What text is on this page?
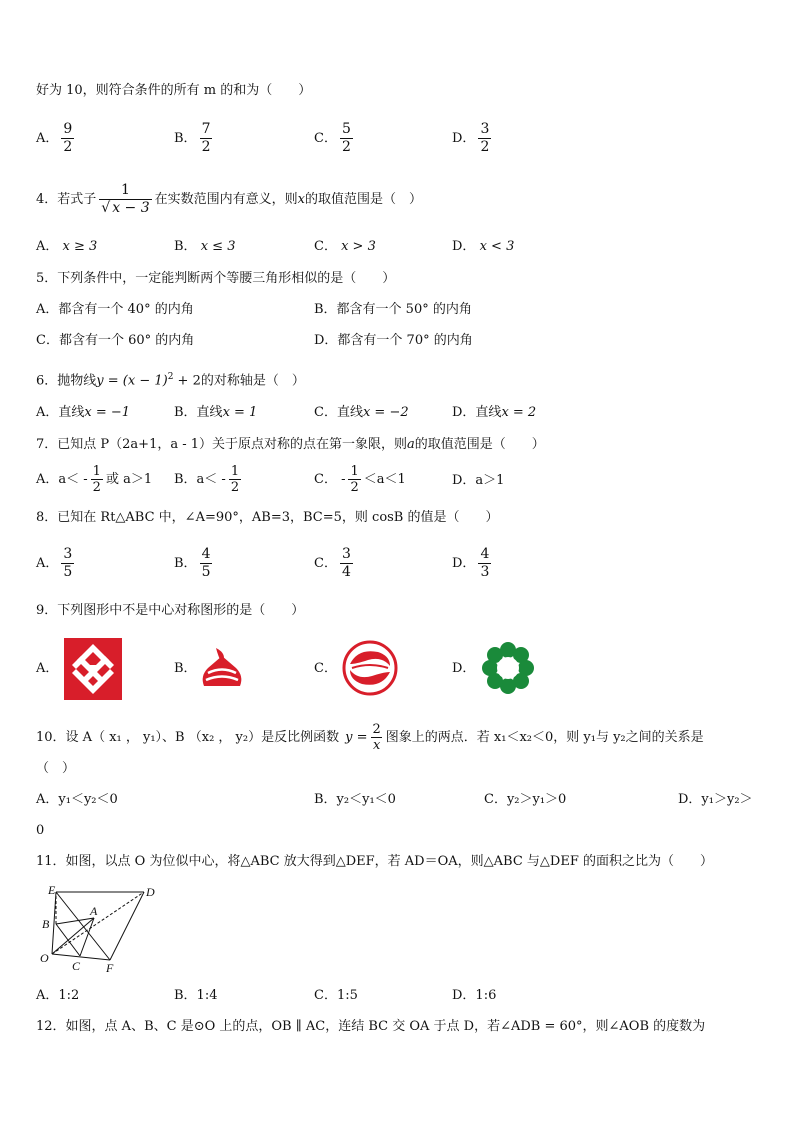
好为 10，则符合条件的所有 m 的和为（　　）
A． $\frac{9}{2}$	B． $\frac{7}{2}$	C． $\frac{5}{2}$	D． $\frac{3}{2}$
4．若式子 $\frac{1}{√ x - 3}$ 在实数范围内有意义，则x的取值范围是（　）
A． x ≥ 3	B． x ≤ 3	C． x > 3	D． x < 3
5．下列条件中，一定能判断两个等腰三角形相似的是（　　）
A．都含有一个 40° 的内角	B．都含有一个 50° 的内角
C．都含有一个 60° 的内角	D．都含有一个 70° 的内角
6．抛物线$y = (x - 1)^2 + 2$的对称轴是（　）
A．直线x = −1	B．直线x = 1	C．直线x = −2	D．直线x = 2
7．已知点 P（2a+1，a - 1）关于原点对称的点在第一象限，则a的取值范围是（　　）
A．$a< - \frac{1}{2}$ 或 a＞1 B．$a< - \frac{1}{2}$	C． - $\frac{1}{2} <a<1$	D．a＞1
8．已知在 Rt△ABC 中，∠A=90°，AB=3，BC=5，则 cosB 的值是（　　）
A． $\frac{3}{5}$	B． $\frac{4}{5}$	C． $\frac{3}{4}$	D． $\frac{4}{3}$
9．下列图形中不是中心对称图形的是（　　）
A．	B．	C．	D．
10．设 A（ x₁ ， y₁）、B （x₂ ， y₂）是反比例函数 $y = \frac{2}{x}$ 图象上的两点．若 x₁＜x₂＜0，则 y₁与 y₂之间的关系是
（　）
A．y₁＜y₂＜0	B．y₂＜y₁＜0	C．y₂＞y₁＞0	D．y₁＞y₂＞
0
11．如图，以点 O 为位似中心，将△ABC 放大得到△DEF，若 AD＝OA，则△ABC 与△DEF 的面积之比为（　　）
E	D
A
B
O
C F
A．1:2	B．1:4	C．1:5	D．1:6
12．如图，点 A、B、C 是⊙O 上的点，OB ∥ AC，连结 BC 交 OA 于点 D，若∠ADB = 60°，则∠AOB 的度数为
